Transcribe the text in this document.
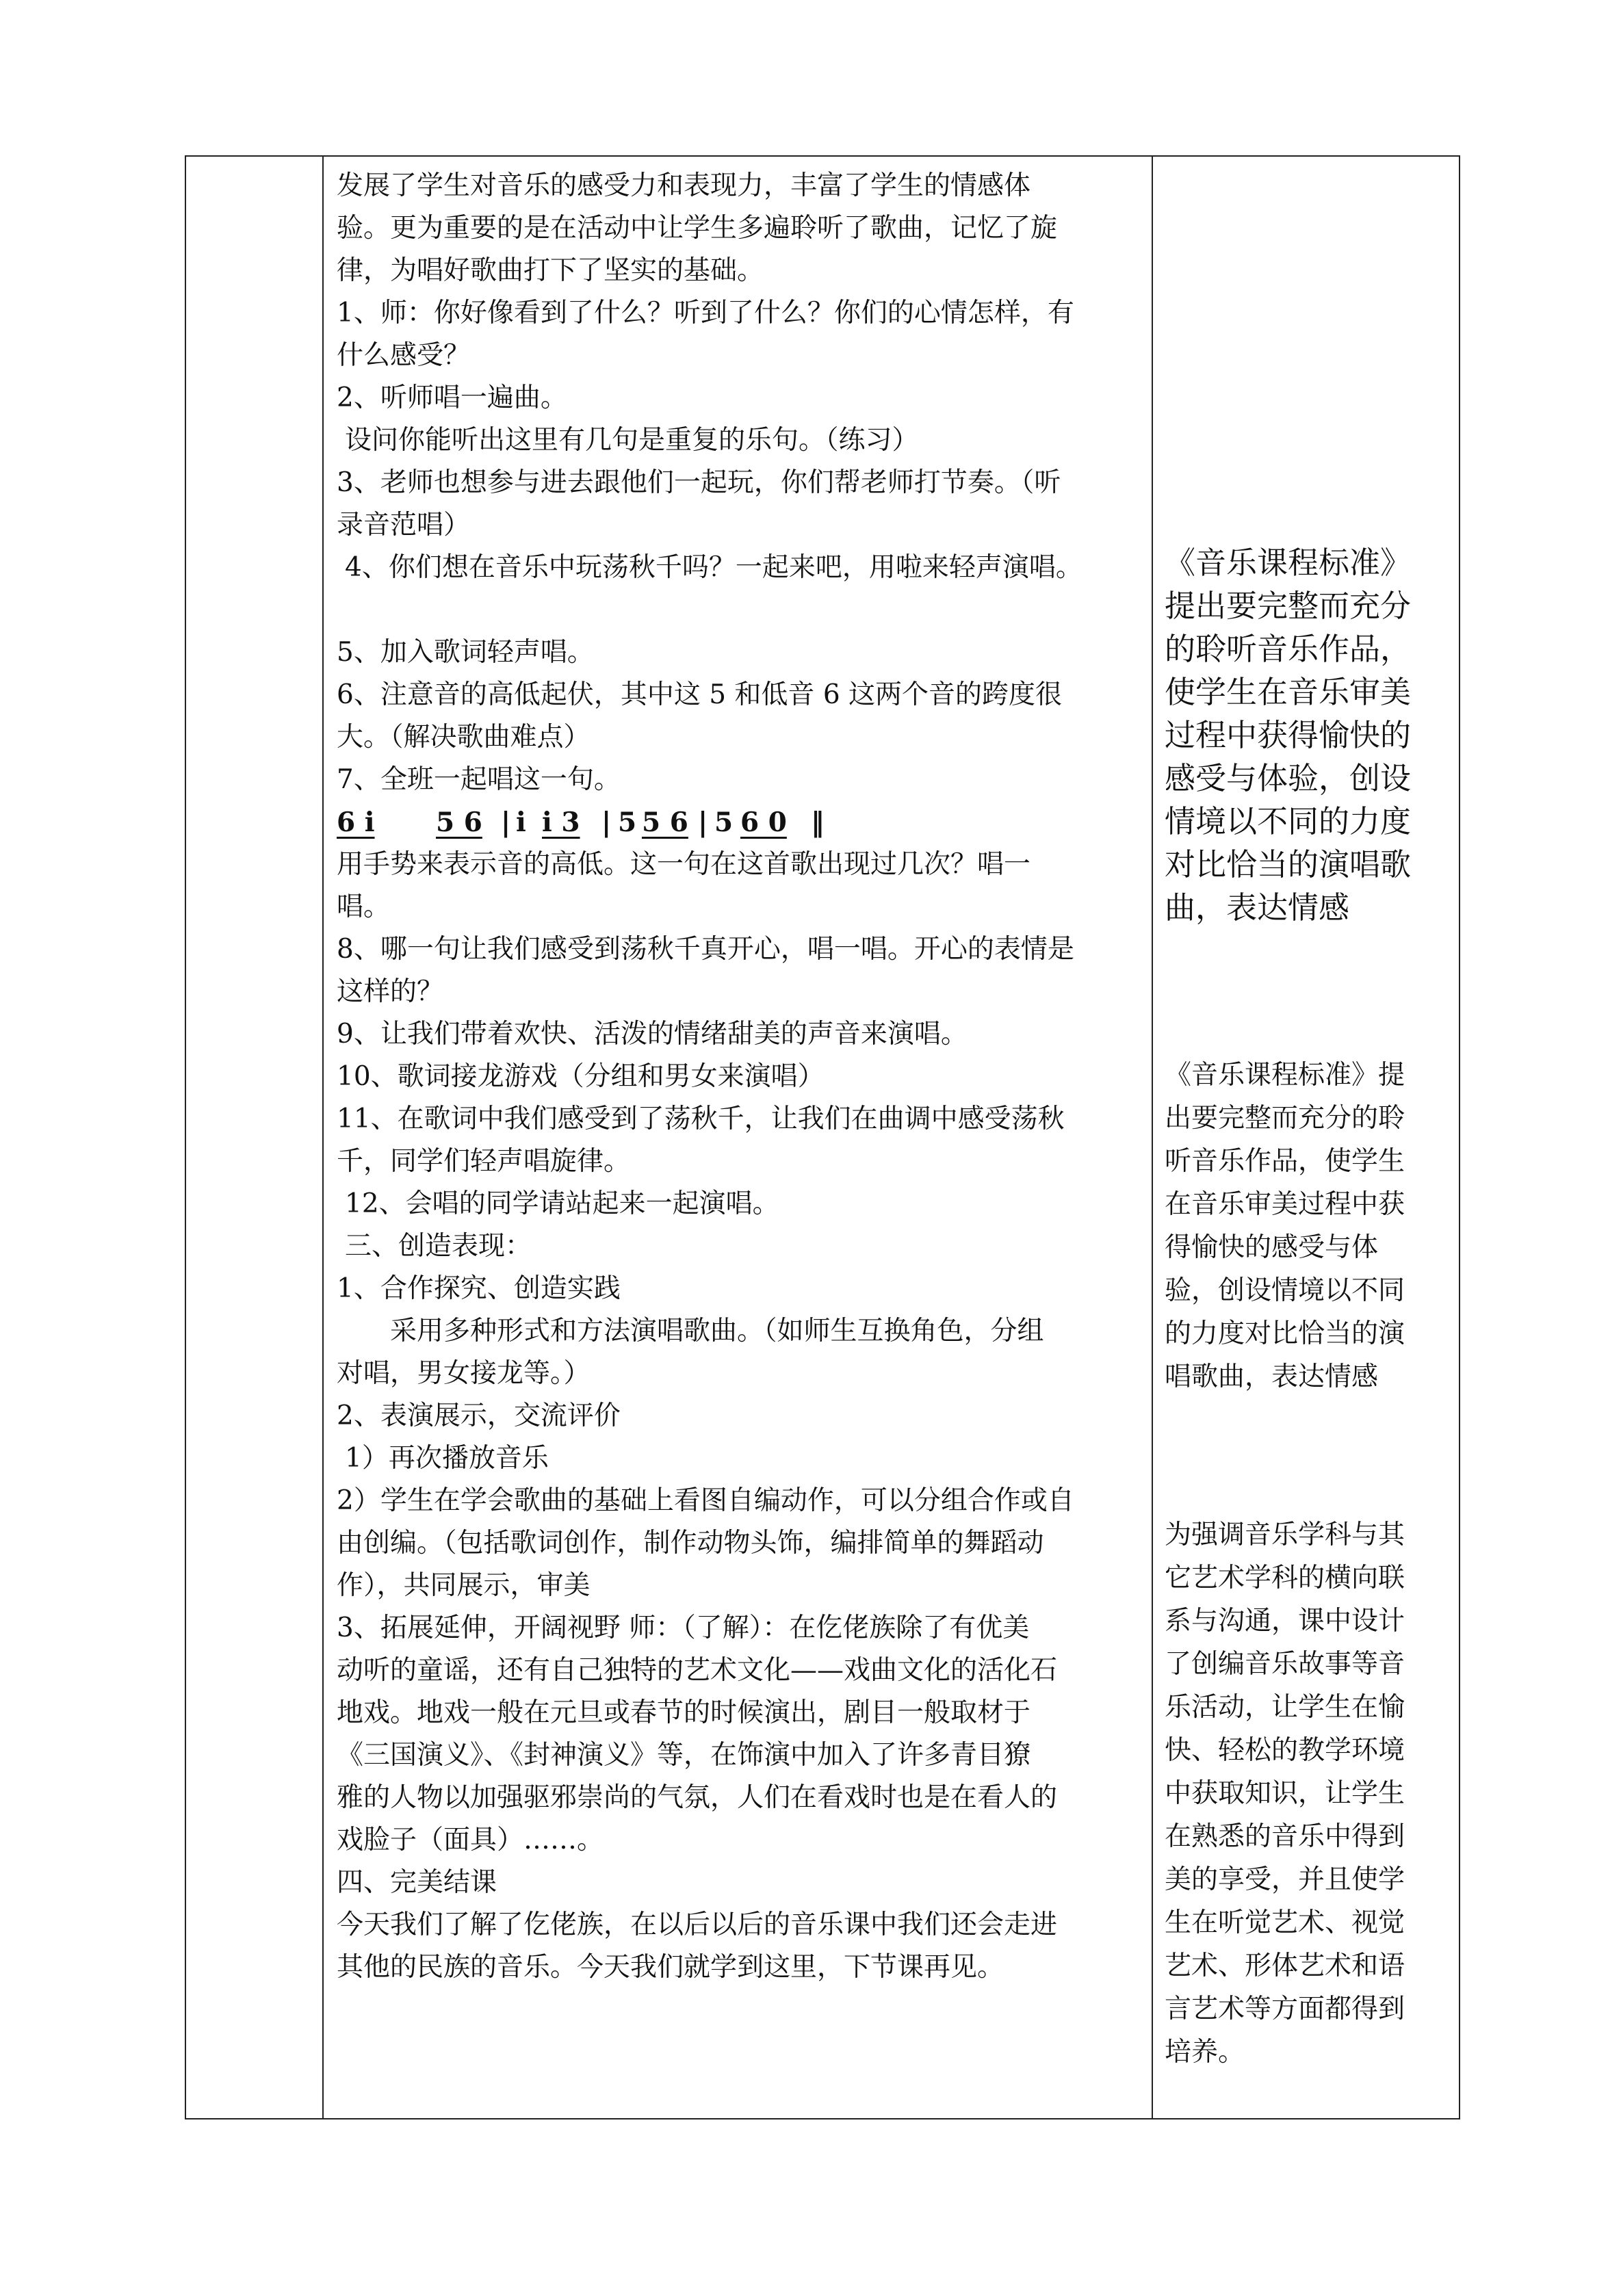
发展了学生对音乐的感受力和表现力，丰富了学生的情感体
验。更为重要的是在活动中让学生多遍聆听了歌曲，记忆了旋
律，为唱好歌曲打下了坚实的基础。
1、师：你好像看到了什么？听到了什么？你们的心情怎样，有
什么感受？
2、听师唱一遍曲。
设问你能听出这里有几句是重复的乐句。（练习）
3、老师也想参与进去跟他们一起玩，你们帮老师打节奏。（听
录音范唱）
4、你们想在音乐中玩荡秋千吗？一起来吧，用啦来轻声演唱。
5、加入歌词轻声唱。
6、注意音的高低起伏，其中这 5 和低音 6 这两个音的跨度很
大。（解决歌曲难点）
7、全班一起唱这一句。
6 i 5 6 | i i 3 | 5 5 6 | 5 6 0 ‖
用手势来表示音的高低。这一句在这首歌出现过几次？唱一
唱。
8、哪一句让我们感受到荡秋千真开心，唱一唱。开心的表情是
这样的？
9、让我们带着欢快、活泼的情绪甜美的声音来演唱。
10、歌词接龙游戏（分组和男女来演唱）
11、在歌词中我们感受到了荡秋千，让我们在曲调中感受荡秋
千，同学们轻声唱旋律。
12、会唱的同学请站起来一起演唱。
三、创造表现：
1、合作探究、创造实践
采用多种形式和方法演唱歌曲。（如师生互换角色，分组
对唱，男女接龙等。）
2、表演展示，交流评价
1）再次播放音乐
2）学生在学会歌曲的基础上看图自编动作，可以分组合作或自
由创编。（包括歌词创作，制作动物头饰，编排简单的舞蹈动
作），共同展示，审美
3、拓展延伸，开阔视野 师：（了解）：在仡佬族除了有优美
动听的童谣，还有自己独特的艺术文化——戏曲文化的活化石
地戏。地戏一般在元旦或春节的时候演出，剧目一般取材于
《三国演义》、《封神演义》等，在饰演中加入了许多青目獠
雅的人物以加强驱邪崇尚的气氛，人们在看戏时也是在看人的
戏脸子（面具）……。
四、完美结课
今天我们了解了仡佬族，在以后以后的音乐课中我们还会走进
其他的民族的音乐。今天我们就学到这里，下节课再见。
《音乐课程标准》
提出要完整而充分
的聆听音乐作品，
使学生在音乐审美
过程中获得愉快的
感受与体验，创设
情境以不同的力度
对比恰当的演唱歌
曲，表达情感
《音乐课程标准》提
出要完整而充分的聆
听音乐作品，使学生
在音乐审美过程中获
得愉快的感受与体
验，创设情境以不同
的力度对比恰当的演
唱歌曲，表达情感
为强调音乐学科与其
它艺术学科的横向联
系与沟通，课中设计
了创编音乐故事等音
乐活动，让学生在愉
快、轻松的教学环境
中获取知识，让学生
在熟悉的音乐中得到
美的享受，并且使学
生在听觉艺术、视觉
艺术、形体艺术和语
言艺术等方面都得到
培养。
